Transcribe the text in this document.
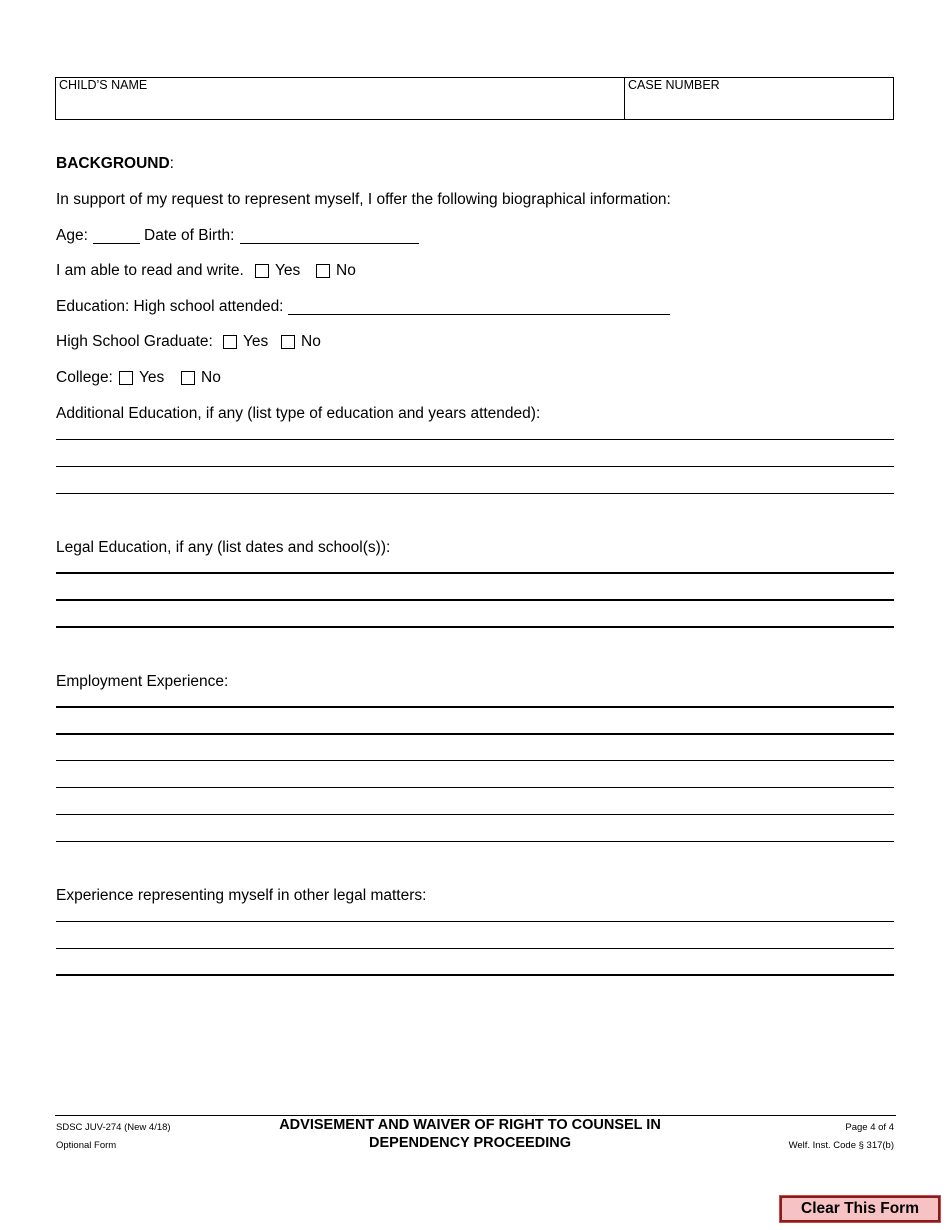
CHILD’S NAME	CASE NUMBER
BACKGROUND:
In support of my request to represent myself, I offer the following biographical information:
Age:	Date of Birth:
I am able to read and write. Yes No
Education: High school attended:
High School Graduate: Yes No
College: Yes No
Additional Education, if any (list type of education and years attended):
Legal Education, if any (list dates and school(s)):
Employment Experience:
Experience representing myself in other legal matters:
SDSC JUV-274 (New 4/18)
Optional Form
ADVISEMENT AND WAIVER OF RIGHT TO COUNSEL IN
DEPENDENCY PROCEEDING
Page 4 of 4
Welf. Inst. Code § 317(b)
Clear This Form
